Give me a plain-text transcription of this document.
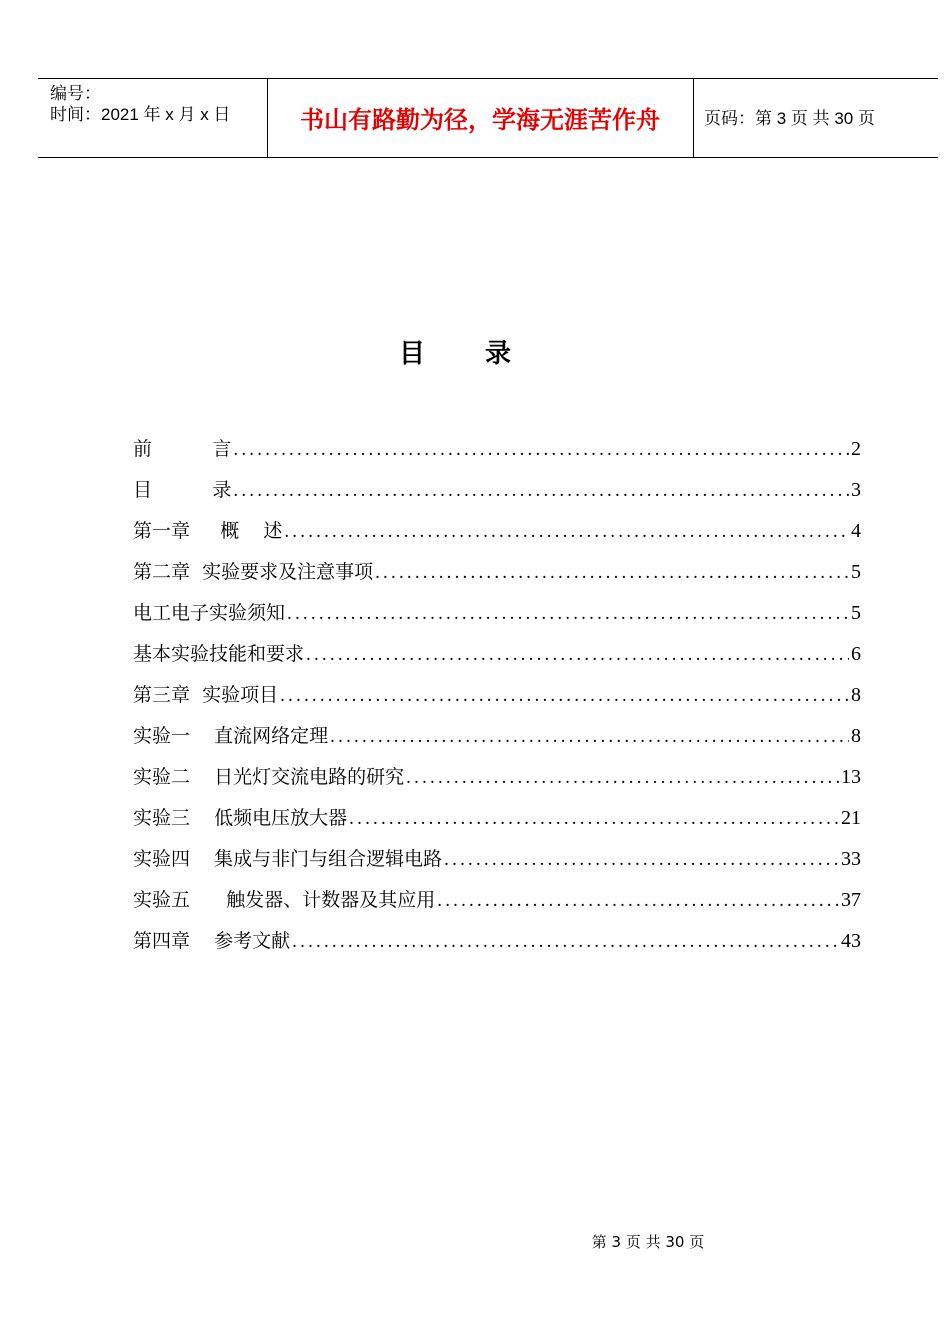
编号：
时间：2021 年 x 月 x 日	书山有路勤为径，学海无涯苦作舟	页码：第 3 页 共 30 页
目录
前          言 .....	2
目          录 .....	3
第一章     概    述 .....	4
第二章  实验要求及注意事项 .....	5
电工电子实验须知 .....	5
基本实验技能和要求 .....	6
第三章  实验项目 .....	8
实验一    直流网络定理 .....	8
实验二    日光灯交流电路的研究 .....	13
实验三    低频电压放大器 .....	21
实验四    集成与非门与组合逻辑电路 .....	33
实验五      触发器、计数器及其应用 .....	37
第四章    参考文献 .....	43
第 3 页 共 30 页
